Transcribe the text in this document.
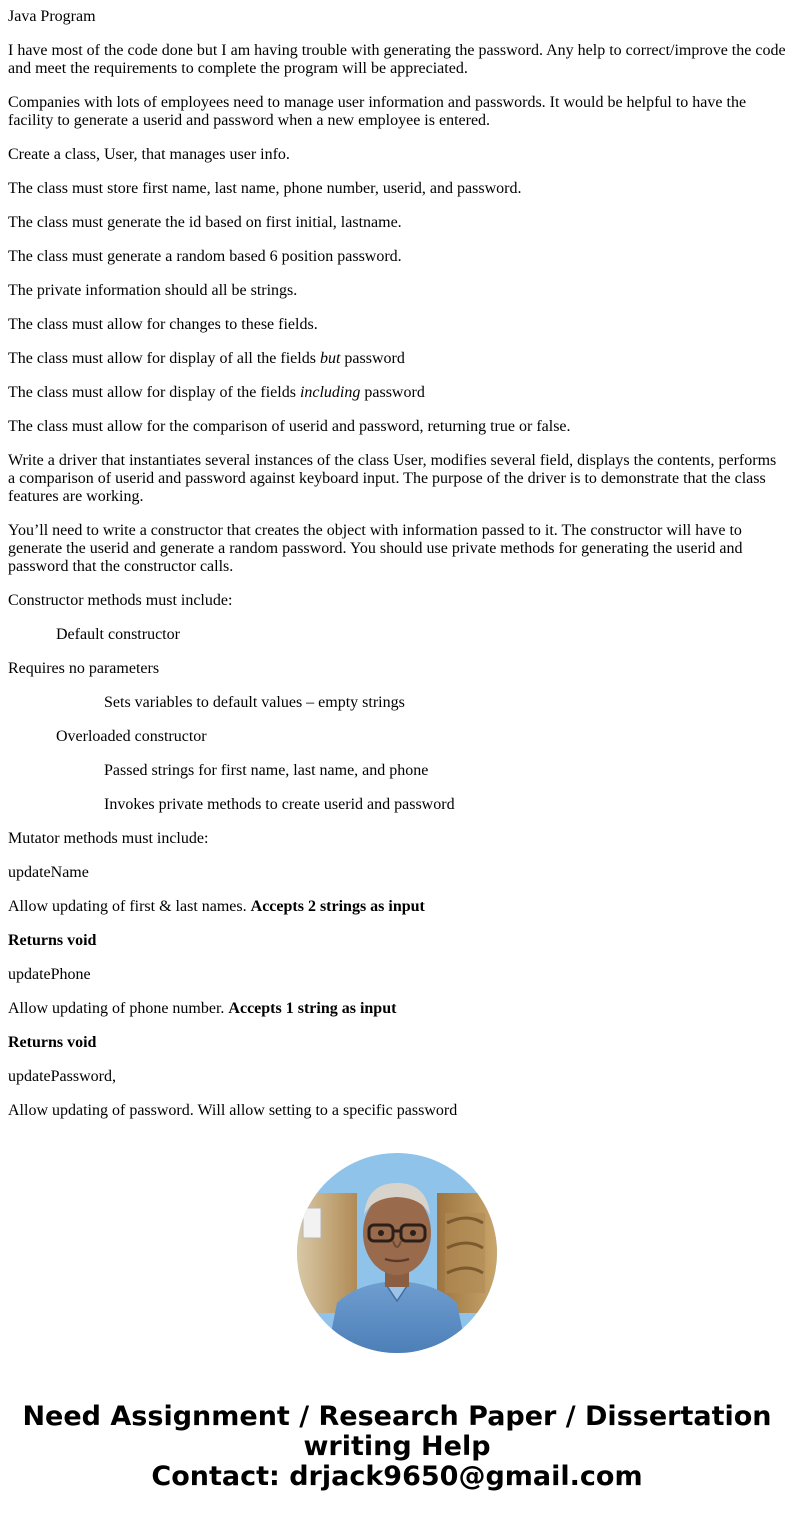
Java Program

I have most of the code done but I am having trouble with generating the password. Any help to correct/improve the code and meet the requirements to complete the program will be appreciated.

Companies with lots of employees need to manage user information and passwords. It would be helpful to have the facility to generate a userid and password when a new employee is entered.

Create a class, User, that manages user info.

The class must store first name, last name, phone number, userid, and password.

The class must generate the id based on first initial, lastname.

The class must generate a random based 6 position password.

The private information should all be strings.

The class must allow for changes to these fields.

The class must allow for display of all the fields but password

The class must allow for display of the fields including password

The class must allow for the comparison of userid and password, returning true or false.

Write a driver that instantiates several instances of the class User, modifies several field, displays the contents, performs a comparison of userid and password against keyboard input. The purpose of the driver is to demonstrate that the class features are working.

You’ll need to write a constructor that creates the object with information passed to it. The constructor will have to generate the userid and generate a random password. You should use private methods for generating the userid and password that the constructor calls.

Constructor methods must include:

Default constructor

Requires no parameters

Sets variables to default values – empty strings

Overloaded constructor

Passed strings for first name, last name, and phone

Invokes private methods to create userid and password

Mutator methods must include:

updateName

Allow updating of first & last names. Accepts 2 strings as input

Returns void

updatePhone

Allow updating of phone number. Accepts 1 string as input

Returns void

updatePassword,

Allow updating of password. Will allow setting to a specific password

Need Assignment / Research Paper / Dissertation
writing Help
Contact: drjack9650@gmail.com
